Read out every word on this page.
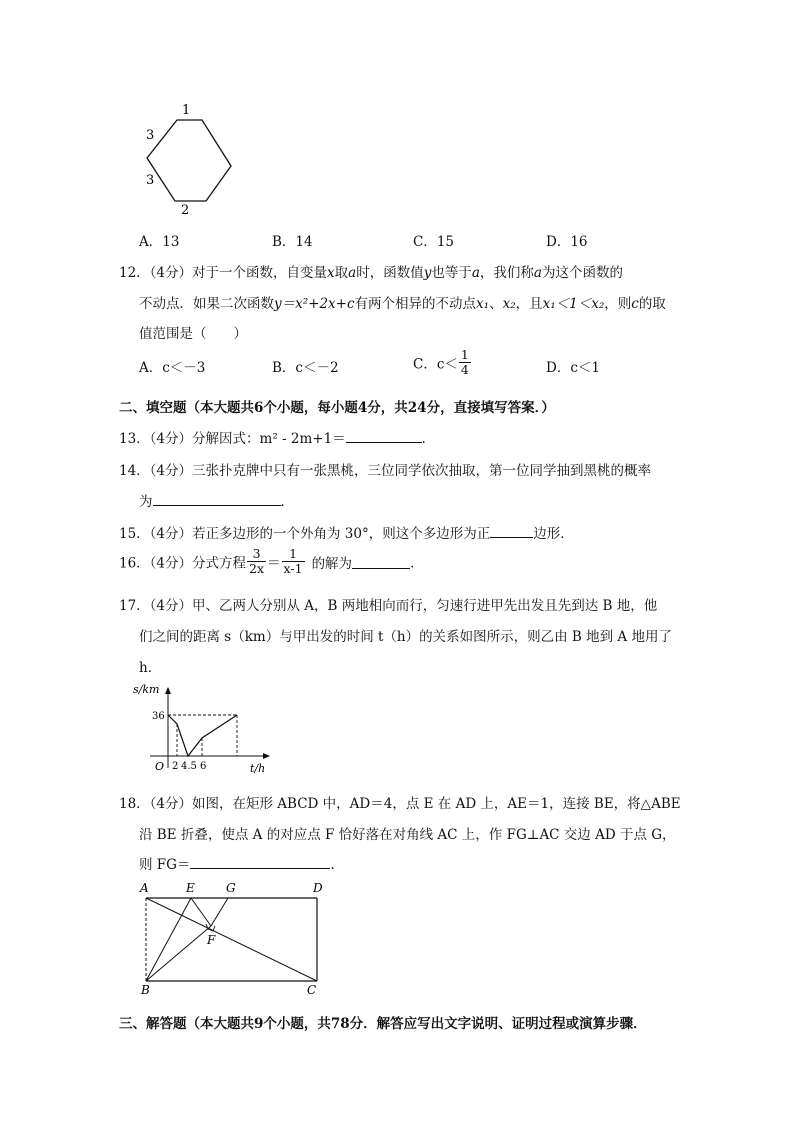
1
3
3
2
A．13	B．14	C．15	D．16
12．（4分）对于一个函数，自变量x取a时，函数值y也等于a，我们称a为这个函数的
不动点．如果二次函数y＝x²+2x+c有两个相异的不动点x₁、x₂，且x₁＜1＜x₂，则c的取
值范围是（　　）
A．c＜－3	B．c＜－2	C．$c< \frac{1}{4}$	D．c＜1
二、填空题（本大题共6个小题，每小题4分，共24分，直接填写答案．）
13．（4分）分解因式：m² - 2m+1＝	．
14．（4分）三张扑克牌中只有一张黑桃，三位同学依次抽取，第一位同学抽到黑桃的概率
为	．
15．（4分）若正多边形的一个外角为 30°，则这个多边形为正	边形．
16．（4分）分式方程 $\frac{3}{2x} = \frac{1}{x-1}$ 的解为	．
17．（4分）甲、乙两人分别从 A，B 两地相向而行，匀速行进甲先出发且先到达 B 地，他
们之间的距离 s（km）与甲出发的时间 t（h）的关系如图所示，则乙由 B 地到 A 地用了
h．
s/km
36
O 2 4.5 6	t/h
18．（4分）如图，在矩形 ABCD 中，AD＝4，点 E 在 AD 上，AE＝1，连接 BE，将△ABE
沿 BE 折叠，使点 A 的对应点 F 恰好落在对角线 AC 上，作 FG⊥AC 交边 AD 于点 G，
则 FG＝	．
A	E	G	D
F
B	C
三、解答题（本大题共9个小题，共78分．解答应写出文字说明、证明过程或演算步骤．
